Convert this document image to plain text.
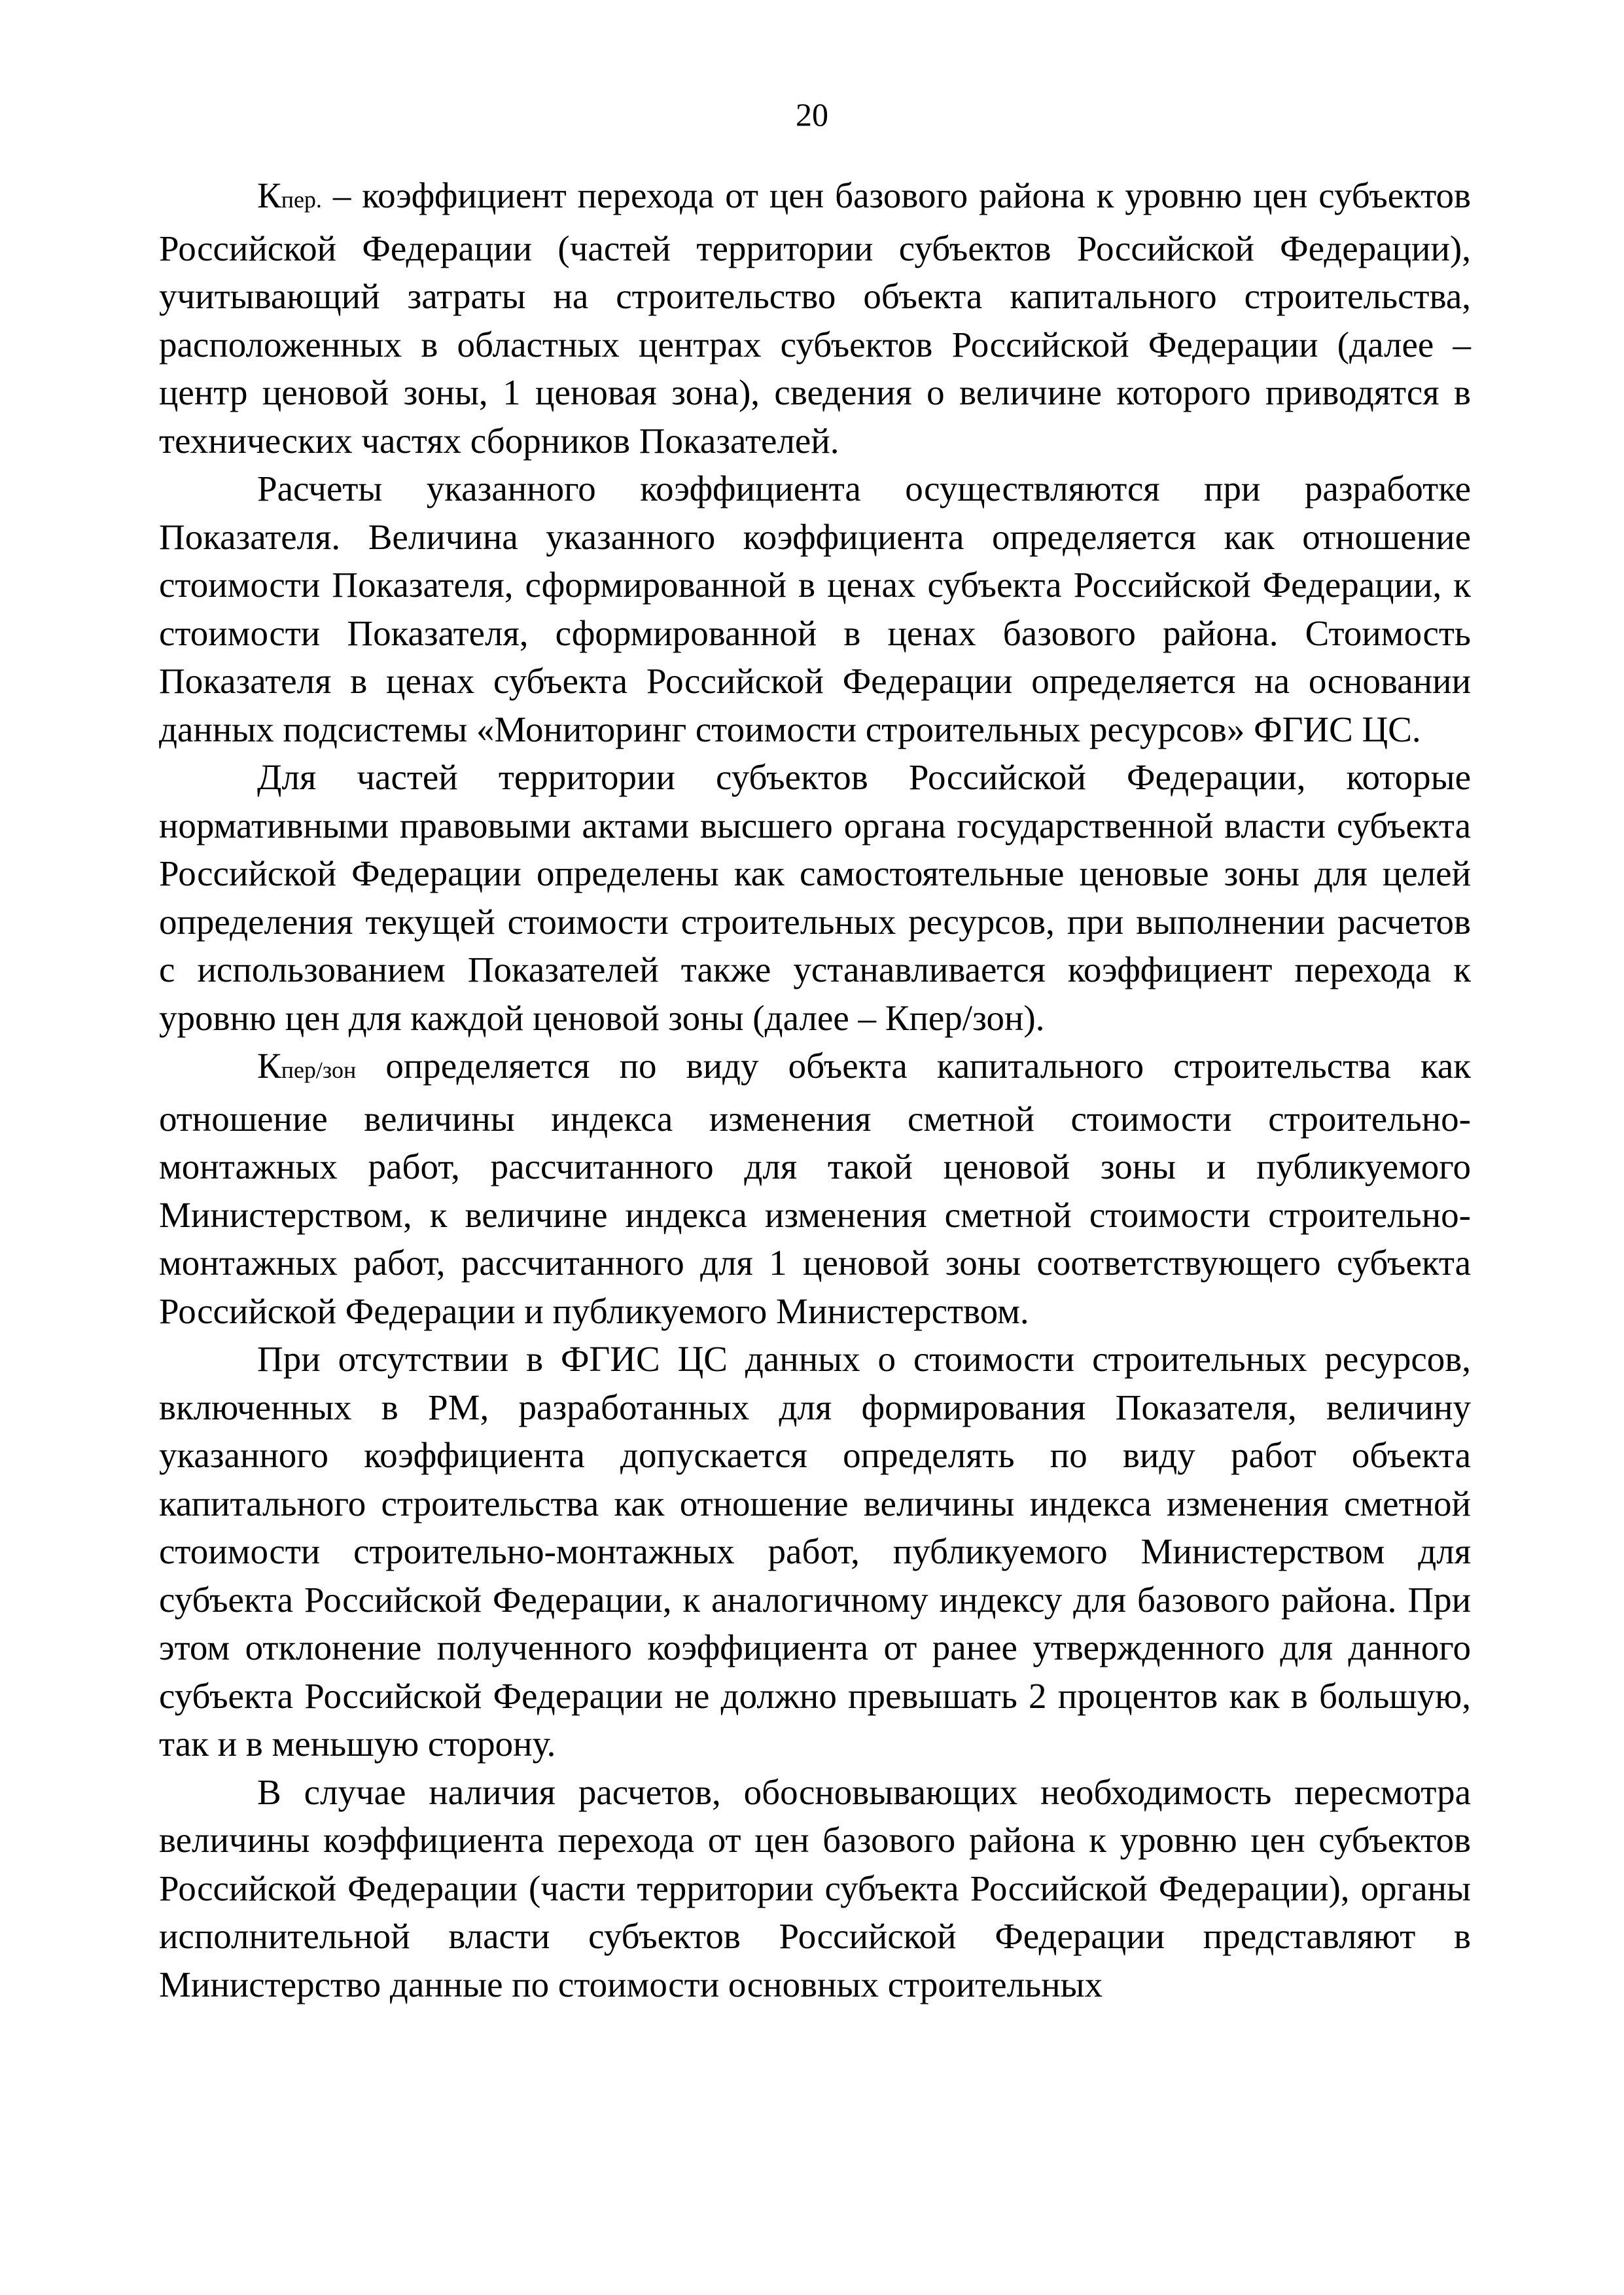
20

Кпер. – коэффициент перехода от цен базового района к уровню цен субъектов Российской Федерации (частей территории субъектов Российской Федерации), учитывающий затраты на строительство объекта капитального строительства, расположенных в областных центрах субъектов Российской Федерации (далее – центр ценовой зоны, 1 ценовая зона), сведения о величине которого приводятся в технических частях сборников Показателей.

Расчеты указанного коэффициента осуществляются при разработке Показателя. Величина указанного коэффициента определяется как отношение стоимости Показателя, сформированной в ценах субъекта Российской Федерации, к стоимости Показателя, сформированной в ценах базового района. Стоимость Показателя в ценах субъекта Российской Федерации определяется на основании данных подсистемы «Мониторинг стоимости строительных ресурсов» ФГИС ЦС.

Для частей территории субъектов Российской Федерации, которые нормативными правовыми актами высшего органа государственной власти субъекта Российской Федерации определены как самостоятельные ценовые зоны для целей определения текущей стоимости строительных ресурсов, при выполнении расчетов с использованием Показателей также устанавливается коэффициент перехода к уровню цен для каждой ценовой зоны (далее – Кпер/зон).

Кпер/зон определяется по виду объекта капитального строительства как отношение величины индекса изменения сметной стоимости строительно-монтажных работ, рассчитанного для такой ценовой зоны и публикуемого Министерством, к величине индекса изменения сметной стоимости строительно-монтажных работ, рассчитанного для 1 ценовой зоны соответствующего субъекта Российской Федерации и публикуемого Министерством.

При отсутствии в ФГИС ЦС данных о стоимости строительных ресурсов, включенных в РМ, разработанных для формирования Показателя, величину указанного коэффициента допускается определять по виду работ объекта капитального строительства как отношение величины индекса изменения сметной стоимости строительно-монтажных работ, публикуемого Министерством для субъекта Российской Федерации, к аналогичному индексу для базового района. При этом отклонение полученного коэффициента от ранее утвержденного для данного субъекта Российской Федерации не должно превышать 2 процентов как в большую, так и в меньшую сторону.

В случае наличия расчетов, обосновывающих необходимость пересмотра величины коэффициента перехода от цен базового района к уровню цен субъектов Российской Федерации (части территории субъекта Российской Федерации), органы исполнительной власти субъектов Российской Федерации представляют в Министерство данные по стоимости основных строительных
